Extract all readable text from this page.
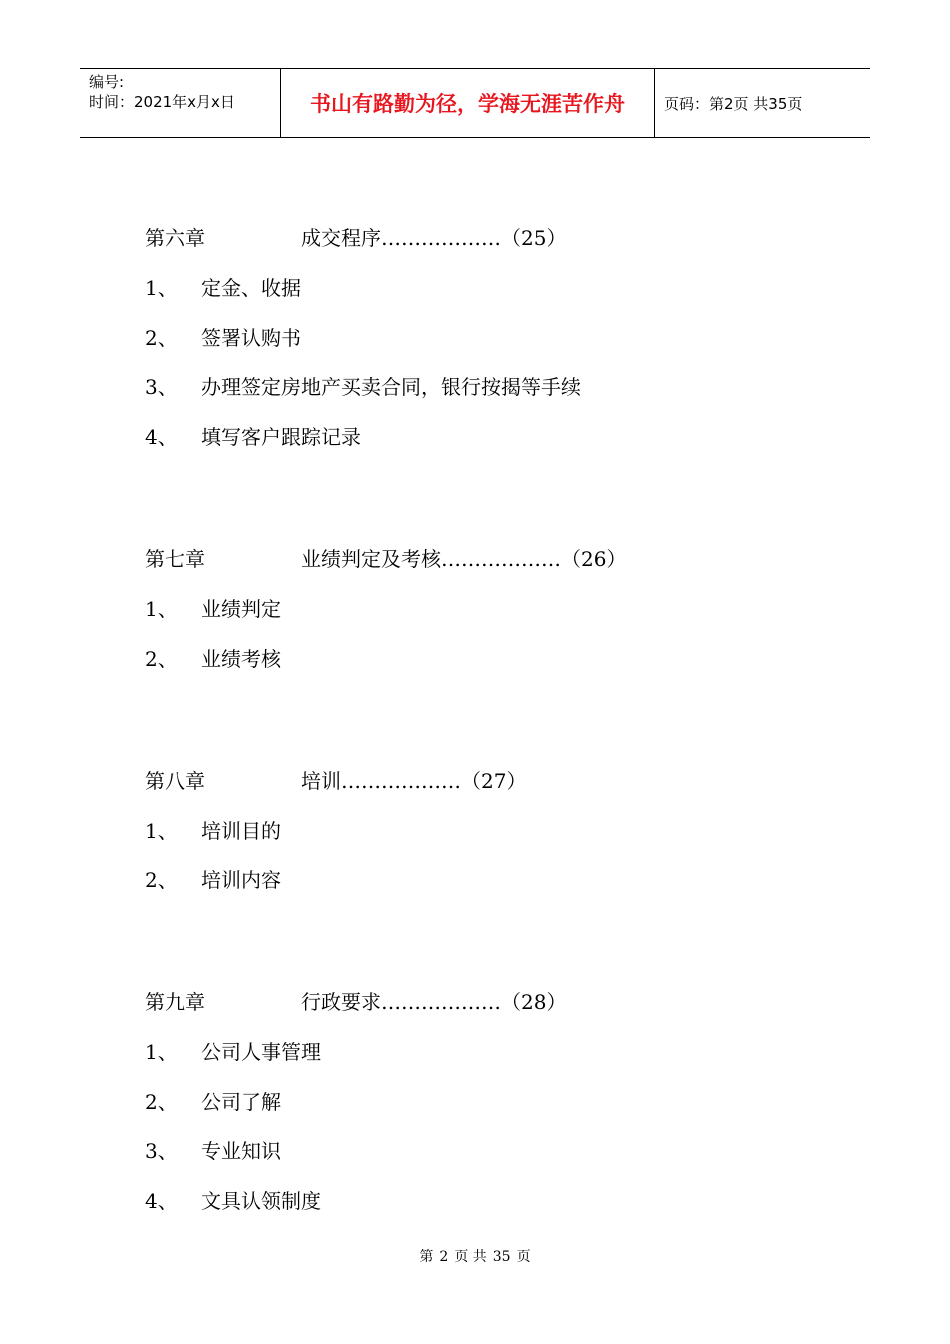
编号:
时间：2021年x月x日	书山有路勤为径，学海无涯苦作舟	页码：第2页 共35页
第六章	成交程序………………（25）
1、 定金、收据
2、 签署认购书
3、 办理签定房地产买卖合同，银行按揭等手续
4、 填写客户跟踪记录
第七章	业绩判定及考核………………（26）
1、 业绩判定
2、 业绩考核
第八章	培训………………（27）
1、 培训目的
2、 培训内容
第九章	行政要求………………（28）
1、 公司人事管理
2、 公司了解
3、 专业知识
4、 文具认领制度
第 2 页 共 35 页
